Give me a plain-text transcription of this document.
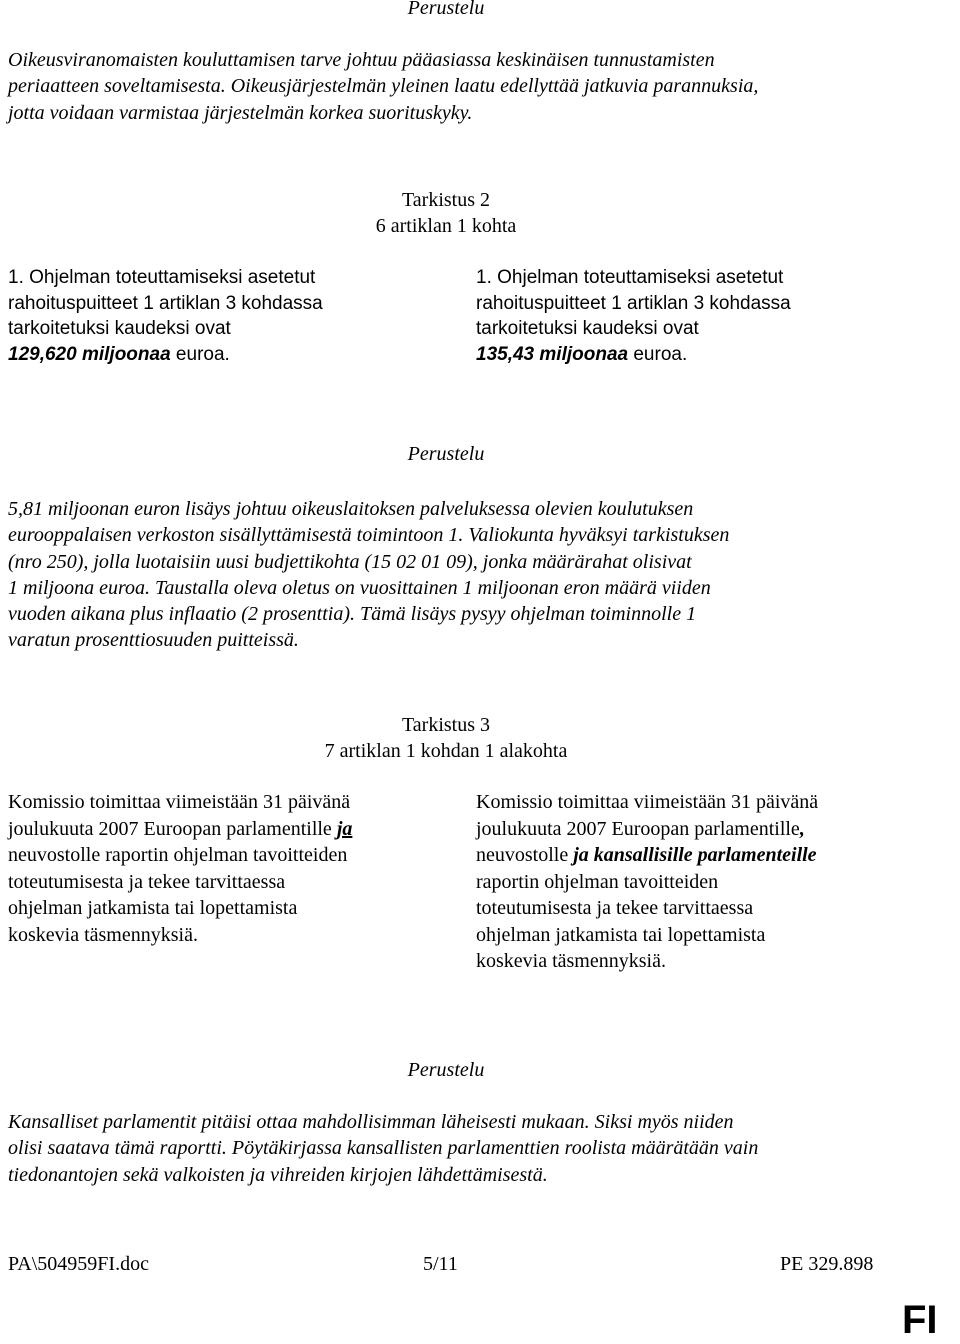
Perustelu
Oikeusviranomaisten kouluttamisen tarve johtuu pääasiassa keskinäisen tunnustamisten
periaatteen soveltamisesta. Oikeusjärjestelmän yleinen laatu edellyttää jatkuvia parannuksia,
jotta voidaan varmistaa järjestelmän korkea suorituskyky.
Tarkistus 2
6 artiklan 1 kohta
1. Ohjelman toteuttamiseksi asetetut
rahoituspuitteet 1 artiklan 3 kohdassa
tarkoitetuksi kaudeksi ovat
129,620 miljoonaa euroa.
1. Ohjelman toteuttamiseksi asetetut
rahoituspuitteet 1 artiklan 3 kohdassa
tarkoitetuksi kaudeksi ovat
135,43 miljoonaa euroa.
Perustelu
5,81 miljoonan euron lisäys johtuu oikeuslaitoksen palveluksessa olevien koulutuksen
eurooppalaisen verkoston sisällyttämisestä toimintoon 1. Valiokunta hyväksyi tarkistuksen
(nro 250), jolla luotaisiin uusi budjettikohta (15 02 01 09), jonka määrärahat olisivat
1 miljoona euroa. Taustalla oleva oletus on vuosittainen 1 miljoonan eron määrä viiden
vuoden aikana plus inflaatio (2 prosenttia). Tämä lisäys pysyy ohjelman toiminnolle 1
varatun prosenttiosuuden puitteissä.
Tarkistus 3
7 artiklan 1 kohdan 1 alakohta
Komissio toimittaa viimeistään 31 päivänä
joulukuuta 2007 Euroopan parlamentille ja
neuvostolle raportin ohjelman tavoitteiden
toteutumisesta ja tekee tarvittaessa
ohjelman jatkamista tai lopettamista
koskevia täsmennyksiä.
Komissio toimittaa viimeistään 31 päivänä
joulukuuta 2007 Euroopan parlamentille,
neuvostolle ja kansallisille parlamenteille
raportin ohjelman tavoitteiden
toteutumisesta ja tekee tarvittaessa
ohjelman jatkamista tai lopettamista
koskevia täsmennyksiä.
Perustelu
Kansalliset parlamentit pitäisi ottaa mahdollisimman läheisesti mukaan. Siksi myös niiden
olisi saatava tämä raportti. Pöytäkirjassa kansallisten parlamenttien roolista määrätään vain
tiedonantojen sekä valkoisten ja vihreiden kirjojen lähdettämisestä.
PA\504959FI.doc	5/11	PE 329.898
FI
